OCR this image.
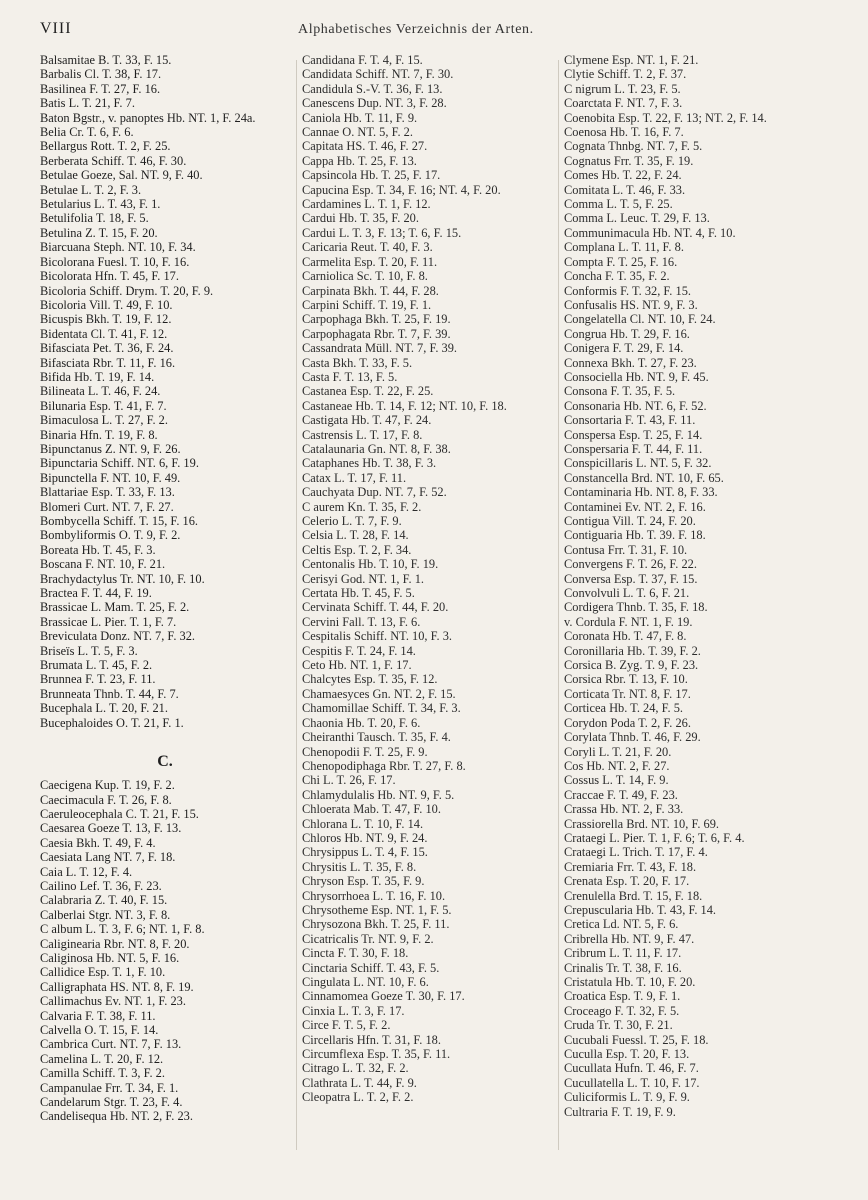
VIII	Alphabetisches Verzeichnis der Arten.
Balsamitae B. T. 33, F. 15.
Barbalis Cl. T. 38, F. 17.
Basilinea F. T. 27, F. 16.
Batis L. T. 21, F. 7.
Baton Bgstr., v. panoptes Hb. NT. 1, F. 24a.
Belia Cr. T. 6, F. 6.
Bellargus Rott. T. 2, F. 25.
Berberata Schiff. T. 46, F. 30.
Betulae Goeze, Sal. NT. 9, F. 40.
Betulae L. T. 2, F. 3.
Betularius L. T. 43, F. 1.
Betulifolia T. 18, F. 5.
Betulina Z. T. 15, F. 20.
Biarcuana Steph. NT. 10, F. 34.
Bicolorana Fuesl. T. 10, F. 16.
Bicolorata Hfn. T. 45, F. 17.
Bicoloria Schiff. Drym. T. 20, F. 9.
Bicoloria Vill. T. 49, F. 10.
Bicuspis Bkh. T. 19, F. 12.
Bidentata Cl. T. 41, F. 12.
Bifasciata Pet. T. 36, F. 24.
Bifasciata Rbr. T. 11, F. 16.
Bifida Hb. T. 19, F. 14.
Bilineata L. T. 46, F. 24.
Bilunaria Esp. T. 41, F. 7.
Bimaculosa L. T. 27, F. 2.
Binaria Hfn. T. 19, F. 8.
Bipunctanus Z. NT. 9, F. 26.
Bipunctaria Schiff. NT. 6, F. 19.
Bipunctella F. NT. 10, F. 49.
Blattariae Esp. T. 33, F. 13.
Blomeri Curt. NT. 7, F. 27.
Bombycella Schiff. T. 15, F. 16.
Bombyliformis O. T. 9, F. 2.
Boreata Hb. T. 45, F. 3.
Boscana F. NT. 10, F. 21.
Brachydactylus Tr. NT. 10, F. 10.
Bractea F. T. 44, F. 19.
Brassicae L. Mam. T. 25, F. 2.
Brassicae L. Pier. T. 1, F. 7.
Breviculata Donz. NT. 7, F. 32.
Briseïs L. T. 5, F. 3.
Brumata L. T. 45, F. 2.
Brunnea F. T. 23, F. 11.
Brunneata Thnb. T. 44, F. 7.
Bucephala L. T. 20, F. 21.
Bucephaloides O. T. 21, F. 1.
C.
Caecigena Kup. T. 19, F. 2.
Caecimacula F. T. 26, F. 8.
Caeruleocephala C. T. 21, F. 15.
Caesarea Goeze T. 13, F. 13.
Caesia Bkh. T. 49, F. 4.
Caesiata Lang NT. 7, F. 18.
Caia L. T. 12, F. 4.
Cailino Lef. T. 36, F. 23.
Calabraria Z. T. 40, F. 15.
Calberlai Stgr. NT. 3, F. 8.
C album L. T. 3, F. 6; NT. 1, F. 8.
Caligineаria Rbr. NT. 8, F. 20.
Caliginosa Hb. NT. 5, F. 16.
Callidice Esp. T. 1, F. 10.
Calligraphata HS. NT. 8, F. 19.
Callimachus Ev. NT. 1, F. 23.
Calvaria F. T. 38, F. 11.
Calvella O. T. 15, F. 14.
Cambrica Curt. NT. 7, F. 13.
Camelina L. T. 20, F. 12.
Camilla Schiff. T. 3, F. 2.
Campanulae Frr. T. 34, F. 1.
Candelarum Stgr. T. 23, F. 4.
Candelisequa Hb. NT. 2, F. 23.
Candidana F. T. 4, F. 15.
Candidata Schiff. NT. 7, F. 30.
Candidula S.-V. T. 36, F. 13.
Canescens Dup. NT. 3, F. 28.
Caniola Hb. T. 11, F. 9.
Cannae O. NT. 5, F. 2.
Capitata HS. T. 46, F. 27.
Cappa Hb. T. 25, F. 13.
Capsincola Hb. T. 25, F. 17.
Capucina Esp. T. 34, F. 16; NT. 4, F. 20.
Cardamines L. T. 1, F. 12.
Cardui Hb. T. 35, F. 20.
Cardui L. T. 3, F. 13; T. 6, F. 15.
Caricaria Reut. T. 40, F. 3.
Carmelita Esp. T. 20, F. 11.
Carniolica Sc. T. 10, F. 8.
Carpinata Bkh. T. 44, F. 28.
Carpini Schiff. T. 19, F. 1.
Carpophaga Bkh. T. 25, F. 19.
Carpophagata Rbr. T. 7, F. 39.
Cassandrata Müll. NT. 7, F. 39.
Casta Bkh. T. 33, F. 5.
Casta F. T. 13, F. 5.
Castanea Esp. T. 22, F. 25.
Castaneae Hb. T. 14, F. 12; NT. 10, F. 18.
Castigata Hb. T. 47, F. 24.
Castrensis L. T. 17, F. 8.
Catalaunaria Gn. NT. 8, F. 38.
Cataphanes Hb. T. 38, F. 3.
Catax L. T. 17, F. 11.
Cauchyata Dup. NT. 7, F. 52.
C aurem Kn. T. 35, F. 2.
Celerio L. T. 7, F. 9.
Celsia L. T. 28, F. 14.
Celtis Esp. T. 2, F. 34.
Centonalis Hb. T. 10, F. 19.
Cerisyi God. NT. 1, F. 1.
Certata Hb. T. 45, F. 5.
Cervinata Schiff. T. 44, F. 20.
Cervini Fall. T. 13, F. 6.
Cespitalis Schiff. NT. 10, F. 3.
Cespitis F. T. 24, F. 14.
Ceto Hb. NT. 1, F. 17.
Chalcytes Esp. T. 35, F. 12.
Chamaesyces Gn. NT. 2, F. 15.
Chamomillae Schiff. T. 34, F. 3.
Chaonia Hb. T. 20, F. 6.
Cheiranthi Tausch. T. 35, F. 4.
Chenopodii F. T. 25, F. 9.
Chenopodiphaga Rbr. T. 27, F. 8.
Chi L. T. 26, F. 17.
Chlamydulalis Hb. NT. 9, F. 5.
Chloerata Mab. T. 47, F. 10.
Chlorana L. T. 10, F. 14.
Chloros Hb. NT. 9, F. 24.
Chrysippus L. T. 4, F. 15.
Chrysitis L. T. 35, F. 8.
Chryson Esp. T. 35, F. 9.
Chrysorrhoea L. T. 16, F. 10.
Chrysotheme Esp. NT. 1, F. 5.
Chrysozona Bkh. T. 25, F. 11.
Cicatricalis Tr. NT. 9, F. 2.
Cincta F. T. 30, F. 18.
Cinctaria Schiff. T. 43, F. 5.
Cingulata L. NT. 10, F. 6.
Cinnamomea Goeze T. 30, F. 17.
Cinxia L. T. 3, F. 17.
Circe F. T. 5, F. 2.
Circellaris Hfn. T. 31, F. 18.
Circumflexa Esp. T. 35, F. 11.
Citrago L. T. 32, F. 2.
Clathrata L. T. 44, F. 9.
Cleopatra L. T. 2, F. 2.
Clymene Esp. NT. 1, F. 21.
Clytie Schiff. T. 2, F. 37.
C nigrum L. T. 23, F. 5.
Coarctata F. NT. 7, F. 3.
Coenobita Esp. T. 22, F. 13; NT. 2, F. 14.
Coenosa Hb. T. 16, F. 7.
Cognata Thnbg. NT. 7, F. 5.
Cognatus Frr. T. 35, F. 19.
Comes Hb. T. 22, F. 24.
Comitata L. T. 46, F. 33.
Comma L. T. 5, F. 25.
Comma L. Leuc. T. 29, F. 13.
Communimacula Hb. NT. 4, F. 10.
Complana L. T. 11, F. 8.
Compta F. T. 25, F. 16.
Concha F. T. 35, F. 2.
Conformis F. T. 32, F. 15.
Confusalis HS. NT. 9, F. 3.
Congelatella Cl. NT. 10, F. 24.
Congrua Hb. T. 29, F. 16.
Conigera F. T. 29, F. 14.
Connexa Bkh. T. 27, F. 23.
Consociella Hb. NT. 9, F. 45.
Consona F. T. 35, F. 5.
Consonaria Hb. NT. 6, F. 52.
Consortaria F. T. 43, F. 11.
Conspersa Esp. T. 25, F. 14.
Conspersaria F. T. 44, F. 11.
Conspicillaris L. NT. 5, F. 32.
Constancella Brd. NT. 10, F. 65.
Contaminaria Hb. NT. 8, F. 33.
Contaminei Ev. NT. 2, F. 16.
Contigua Vill. T. 24, F. 20.
Contiguaria Hb. T. 39. F. 18.
Contusa Frr. T. 31, F. 10.
Convergens F. T. 26, F. 22.
Conversa Esp. T. 37, F. 15.
Convolvuli L. T. 6, F. 21.
Cordigera Thnb. T. 35, F. 18.
v. Cordula F. NT. 1, F. 19.
Coronata Hb. T. 47, F. 8.
Coronillaria Hb. T. 39, F. 2.
Corsica B. Zyg. T. 9, F. 23.
Corsica Rbr. T. 13, F. 10.
Corticata Tr. NT. 8, F. 17.
Corticea Hb. T. 24, F. 5.
Corydon Poda T. 2, F. 26.
Corylata Thnb. T. 46, F. 29.
Coryli L. T. 21, F. 20.
Cos Hb. NT. 2, F. 27.
Cossus L. T. 14, F. 9.
Craccae F. T. 49, F. 23.
Crassa Hb. NT. 2, F. 33.
Crassiorella Brd. NT. 10, F. 69.
Crataegi L. Pier. T. 1, F. 6; T. 6, F. 4.
Crataegi L. Trich. T. 17, F. 4.
Cremiaria Frr. T. 43, F. 18.
Crenata Esp. T. 20, F. 17.
Crenulella Brd. T. 15, F. 18.
Crepuscularia Hb. T. 43, F. 14.
Cretica Ld. NT. 5, F. 6.
Cribrella Hb. NT. 9, F. 47.
Cribrum L. T. 11, F. 17.
Crinalis Tr. T. 38, F. 16.
Cristatula Hb. T. 10, F. 20.
Croatica Esp. T. 9, F. 1.
Croceago F. T. 32, F. 5.
Cruda Tr. T. 30, F. 21.
Cucubali Fuessl. T. 25, F. 18.
Cuculla Esp. T. 20, F. 13.
Cucullata Hufn. T. 46, F. 7.
Cucullatella L. T. 10, F. 17.
Culiciformis L. T. 9, F. 9.
Cultraria F. T. 19, F. 9.
